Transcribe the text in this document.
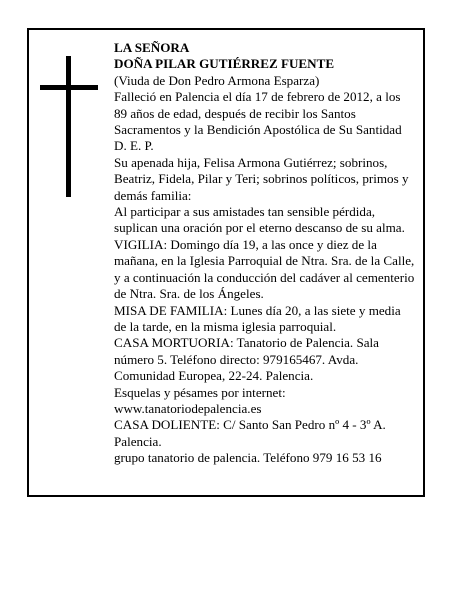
LA SEÑORA

DOÑA PILAR GUTIÉRREZ FUENTE

(Viuda de Don Pedro Armona Esparza)

Falleció en Palencia el día 17 de febrero de 2012, a los 89 años de edad, después de recibir los Santos Sacramentos y la Bendición Apostólica de Su Santidad D. E. P.

Su apenada hija, Felisa Armona Gutiérrez; sobrinos, Beatriz, Fidela, Pilar y Teri; sobrinos políticos, primos y demás familia:

Al participar a sus amistades tan sensible pérdida, suplican una oración por el eterno descanso de su alma.

VIGILIA: Domingo día 19, a las once y diez de la mañana, en la Iglesia Parroquial de Ntra. Sra. de la Calle, y a continuación la conducción del cadáver al cementerio de Ntra. Sra. de los Ángeles.

MISA DE FAMILIA: Lunes día 20, a las siete y media de la tarde, en la misma iglesia parroquial.

CASA MORTUORIA: Tanatorio de Palencia. Sala número 5. Teléfono directo: 979165467. Avda. Comunidad Europea, 22-24. Palencia.

Esquelas y pésames por internet:

www.tanatoriodepalencia.es

CASA DOLIENTE: C/ Santo San Pedro nº 4 - 3º A. Palencia.

grupo tanatorio de palencia. Teléfono 979 16 53 16
